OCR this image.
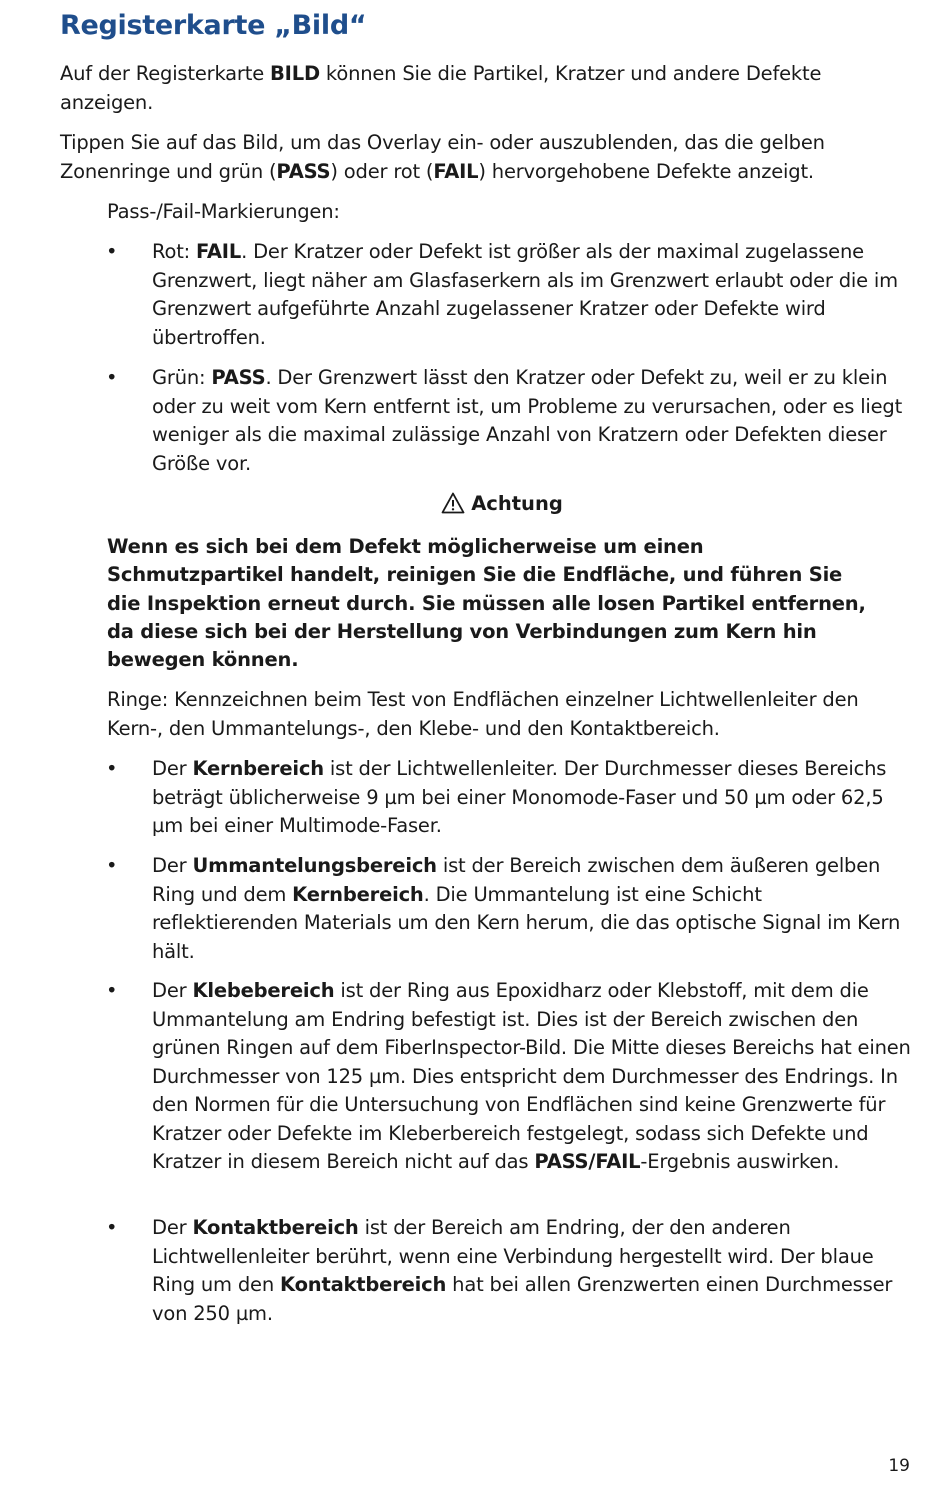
Registerkarte „Bild“
Auf der Registerkarte BILD können Sie die Partikel, Kratzer und andere Defekte anzeigen.
Tippen Sie auf das Bild, um das Overlay ein- oder auszublenden, das die gelben Zonenringe und grün (PASS) oder rot (FAIL) hervorgehobene Defekte anzeigt.
Pass-/Fail-Markierungen:
•	Rot: FAIL. Der Kratzer oder Defekt ist größer als der maximal zugelassene Grenzwert, liegt näher am Glasfaserkern als im Grenzwert erlaubt oder die im Grenzwert aufgeführte Anzahl zugelassener Kratzer oder Defekte wird übertroffen.
•	Grün: PASS. Der Grenzwert lässt den Kratzer oder Defekt zu, weil er zu klein oder zu weit vom Kern entfernt ist, um Probleme zu verursachen, oder es liegt weniger als die maximal zulässige Anzahl von Kratzern oder Defekten dieser Größe vor.
Achtung
Wenn es sich bei dem Defekt möglicherweise um einen Schmutzpartikel handelt, reinigen Sie die Endfläche, und führen Sie die Inspektion erneut durch. Sie müssen alle losen Partikel entfernen, da diese sich bei der Herstellung von Verbindungen zum Kern hin bewegen können.
Ringe: Kennzeichnen beim Test von Endflächen einzelner Lichtwellenleiter den Kern-, den Ummantelungs-, den Klebe- und den Kontaktbereich.
•	Der Kernbereich ist der Lichtwellenleiter. Der Durchmesser dieses Bereichs beträgt üblicherweise 9 µm bei einer Monomode-Faser und 50 µm oder 62,5 µm bei einer Multimode-Faser.
•	Der Ummantelungsbereich ist der Bereich zwischen dem äußeren gelben Ring und dem Kernbereich. Die Ummantelung ist eine Schicht reflektierenden Materials um den Kern herum, die das optische Signal im Kern hält.
•	Der Klebebereich ist der Ring aus Epoxidharz oder Klebstoff, mit dem die Ummantelung am Endring befestigt ist. Dies ist der Bereich zwischen den grünen Ringen auf dem FiberInspector-Bild. Die Mitte dieses Bereichs hat einen Durchmesser von 125 µm. Dies entspricht dem Durchmesser des Endrings. In den Normen für die Untersuchung von Endflächen sind keine Grenzwerte für Kratzer oder Defekte im Kleberbereich festgelegt, sodass sich Defekte und Kratzer in diesem Bereich nicht auf das PASS/FAIL-Ergebnis auswirken.
•	Der Kontaktbereich ist der Bereich am Endring, der den anderen Lichtwellenleiter berührt, wenn eine Verbindung hergestellt wird. Der blaue Ring um den Kontaktbereich hat bei allen Grenzwerten einen Durchmesser von 250 µm.
19
